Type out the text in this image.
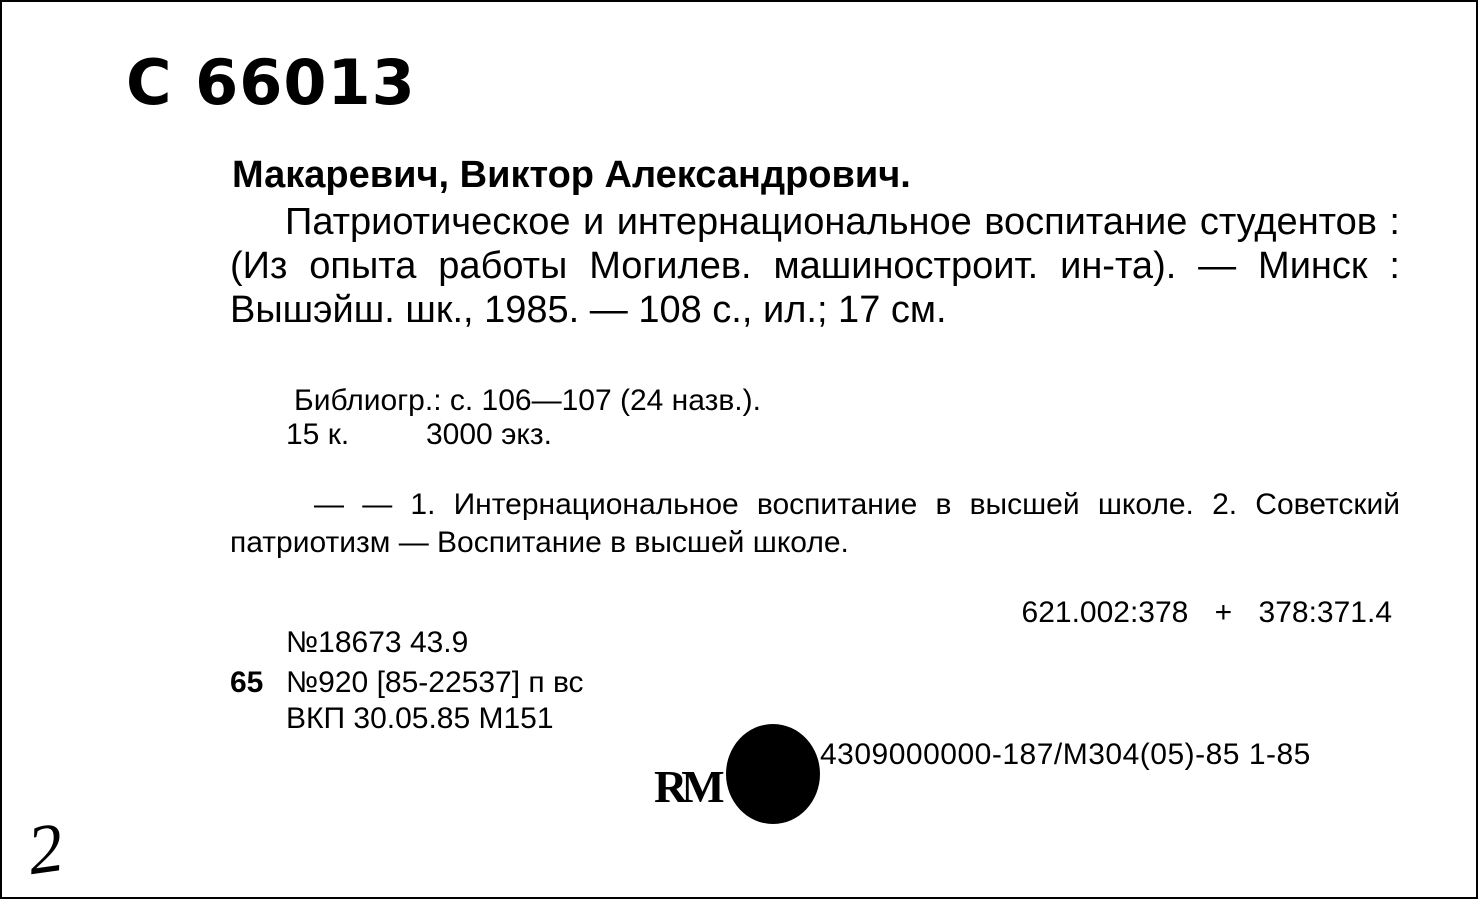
С 66013
Макаревич, Виктор Александрович.
Патриотическое и интернациональное воспитание студентов : (Из опыта работы Могилев. машиностроит. ин-та). — Минск : Вышэйш. шк., 1985. — 108 с., ил.; 17 см.
Библиогр.: с. 106—107 (24 назв.).
15 к.	3000 экз.
— — 1. Интернациональное воспитание в высшей школе. 2. Советский патриотизм — Воспитание в высшей школе.
621.002:378 + 378:371.4
№18673 43.9
65 №920 [85-22537] п вс
ВКП 30.05.85 М151
RM
4309000000-187/М304(05)-85 1-85
2
